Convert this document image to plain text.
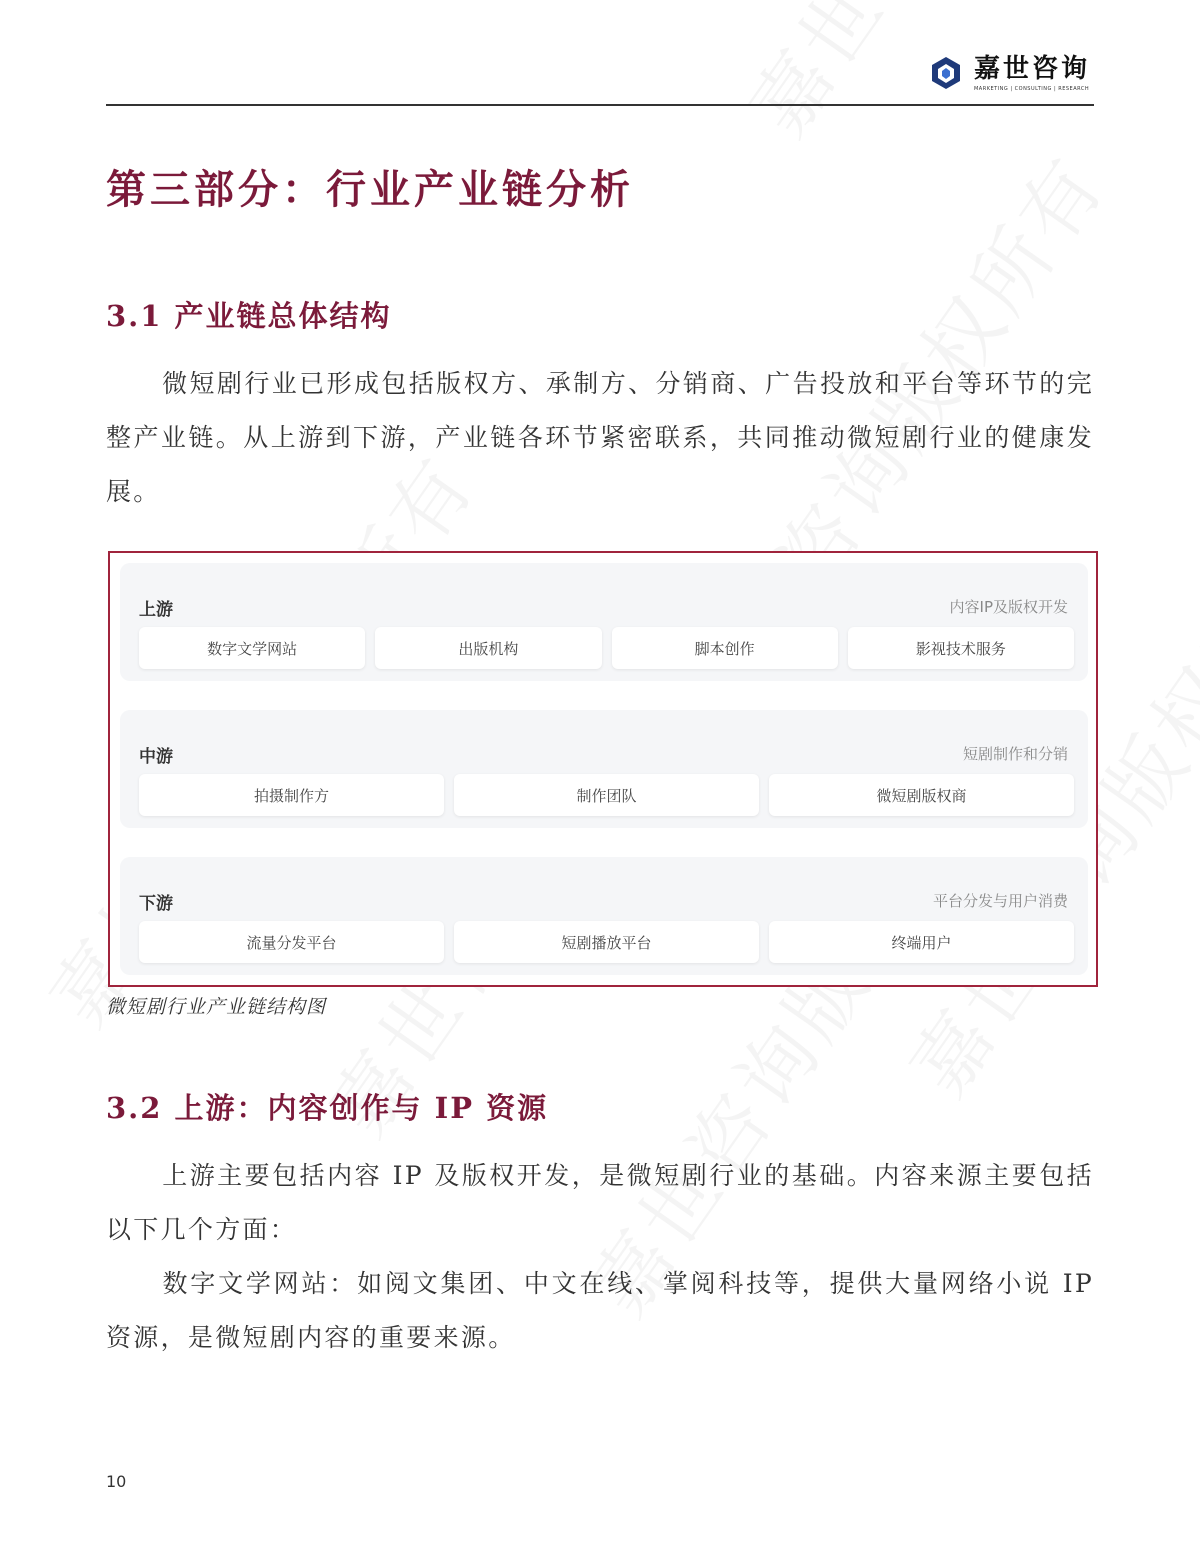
嘉世咨询
MARKETING | CONSULTING | RESEARCH
第三部分：行业产业链分析
3.1 产业链总体结构
微短剧行业已形成包括版权方、承制方、分销商、广告投放和平台等环节的完整产业链。从上游到下游，产业链各环节紧密联系，共同推动微短剧行业的健康发展。
上游	内容IP及版权开发
数字文学网站	出版机构	脚本创作	影视技术服务
中游	短剧制作和分销
拍摄制作方	制作团队	微短剧版权商
下游	平台分发与用户消费
流量分发平台	短剧播放平台	终端用户
微短剧行业产业链结构图
3.2 上游：内容创作与 IP 资源
上游主要包括内容 IP 及版权开发，是微短剧行业的基础。内容来源主要包括以下几个方面：
数字文学网站：如阅文集团、中文在线、掌阅科技等，提供大量网络小说 IP 资源，是微短剧内容的重要来源。
10
